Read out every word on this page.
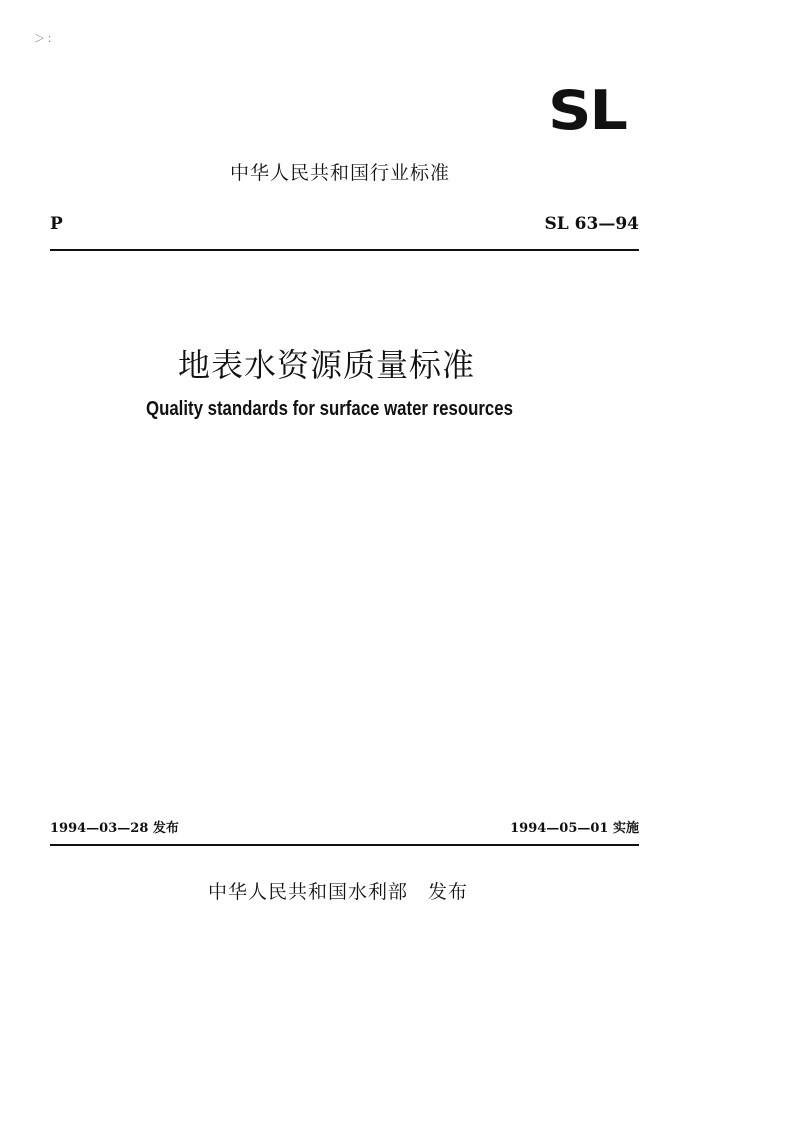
＞：
SL
中华人民共和国行业标准
P	SL 63—94
地表水资源质量标准
Quality standards for surface water resources
1994—03—28 发布	1994—05—01 实施
中华人民共和国水利部　发布
